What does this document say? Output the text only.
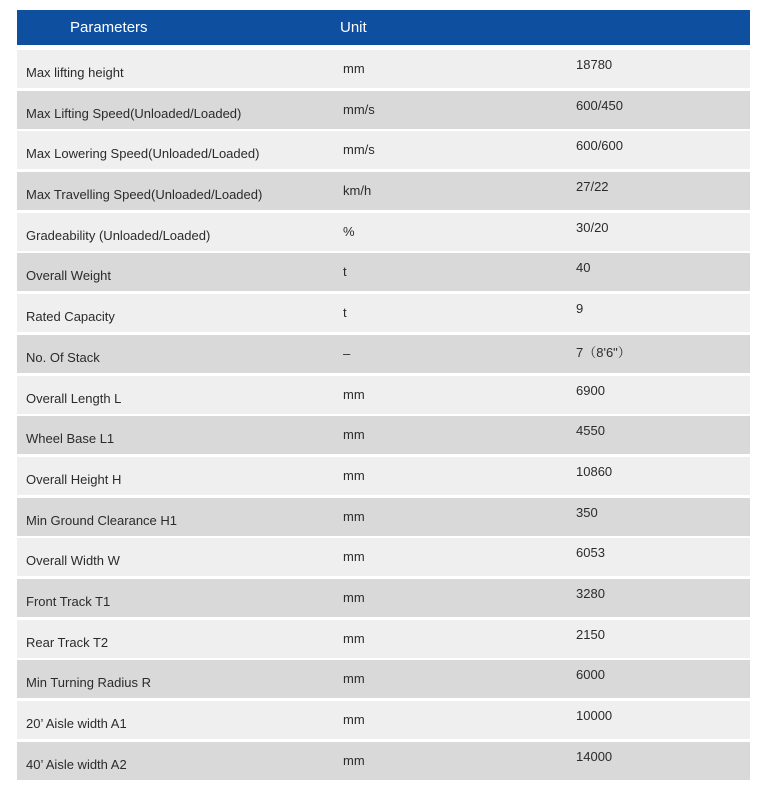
Parameters	Unit
Max lifting height	mm	18780
Max Lifting Speed(Unloaded/Loaded)	mm/s	600/450
Max Lowering Speed(Unloaded/Loaded)	mm/s	600/600
Max Travelling Speed(Unloaded/Loaded)	km/h	27/22
Gradeability (Unloaded/Loaded)	%	30/20
Overall Weight	t	40
Rated Capacity	t	9
No. Of Stack	–	7（8'6"）
Overall Length L	mm	6900
Wheel Base L1	mm	4550
Overall Height H	mm	10860
Min Ground Clearance H1	mm	350
Overall Width W	mm	6053
Front Track T1	mm	3280
Rear Track T2	mm	2150
Min Turning Radius R	mm	6000
20’ Aisle width A1	mm	10000
40’ Aisle width A2	mm	14000
